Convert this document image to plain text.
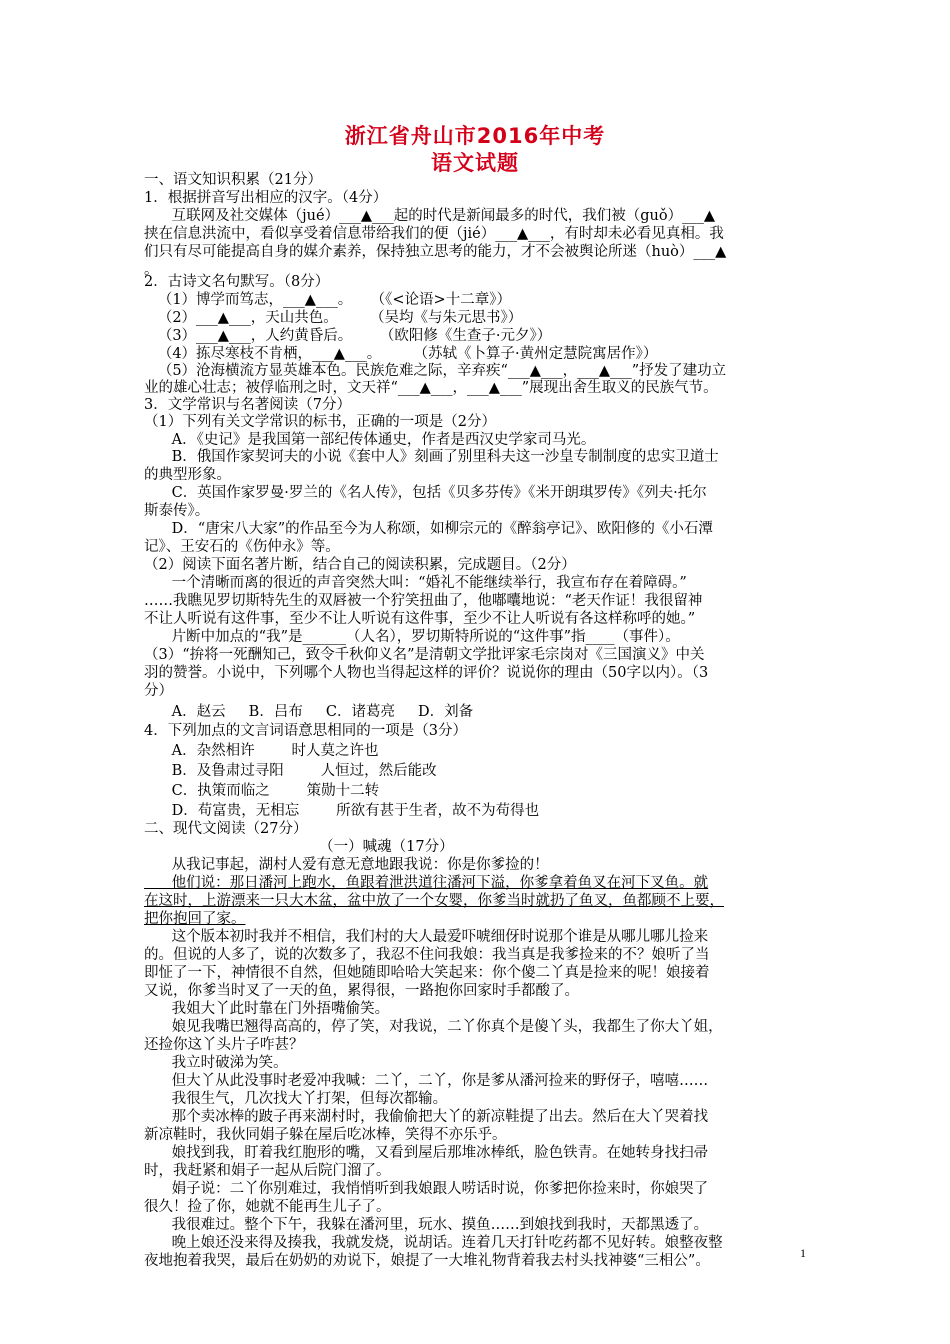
浙江省舟山市2016年中考
语文试题
一、语文知识积累（21分）
1．根据拼音写出相应的汉字。（4分）
互联网及社交媒体（jué）___▲___起的时代是新闻最多的时代，我们被（guǒ）___▲
挟在信息洪流中，看似享受着信息带给我们的便（jié）___▲___，有时却未必看见真相。我
们只有尽可能提高自身的媒介素养，保持独立思考的能力，才不会被舆论所迷（huò）___▲
。
2．古诗文名句默写。（8分）
（1）博学而笃志，___▲___。    （《<论语>十二章》）
（2）___▲___，天山共色。       （吴均《与朱元思书》）
（3）___▲___，人约黄昏后。      （欧阳修《生查子·元夕》）
（4）拣尽寒枝不肯栖，___▲___。       （苏轼《卜算子·黄州定慧院寓居作》）
（5）沧海横流方显英雄本色。民族危难之际，辛弃疾“___▲___，___▲___”抒发了建功立
业的雄心壮志；被俘临刑之时，文天祥“___▲___，___▲___”展现出舍生取义的民族气节。
3．文学常识与名著阅读（7分）
（1）下列有关文学常识的标书，正确的一项是（2分）
A．《史记》是我国第一部纪传体通史，作者是西汉史学家司马光。
B．俄国作家契诃夫的小说《套中人》刻画了别里科夫这一沙皇专制制度的忠实卫道士
的典型形象。
C．英国作家罗曼·罗兰的《名人传》，包括《贝多芬传》《米开朗琪罗传》《列夫·托尔
斯泰传》。
D．“唐宋八大家”的作品至今为人称颂，如柳宗元的《醉翁亭记》、欧阳修的《小石潭
记》、王安石的《伤仲永》等。
（2）阅读下面名著片断，结合自己的阅读积累，完成题目。（2分）
一个清晰而离的很近的声音突然大叫：“婚礼不能继续举行，我宣布存在着障碍。”
……我瞧见罗切斯特先生的双唇被一个狞笑扭曲了，他嘟囔地说：“老天作证！我很留神
不让人听说有这件事，至少不让人听说有这件事，至少不让人听说有各这样称呼的她。”
片断中加点的“我”是______（人名），罗切斯特所说的“这件事”指____（事件）。
（3）“拚将一死酬知己，致令千秋仰义名”是清朝文学批评家毛宗岗对《三国演义》中关
羽的赞誉。小说中，下列哪个人物也当得起这样的评价？说说你的理由（50字以内）。（3
分）
A．赵云     B．吕布     C．诸葛亮     D．刘备
4．下列加点的文言词语意思相同的一项是（3分）
A．杂然相许        时人莫之许也
B．及鲁肃过寻阳        人恒过，然后能改
C．执策而临之        策勋十二转
D．苟富贵，无相忘        所欲有甚于生者，故不为苟得也
二、现代文阅读（27分）
（一）喊魂（17分）
从我记事起，湖村人爱有意无意地跟我说：你是你爹捡的！
他们说：那日潘河上跑水，鱼跟着泄洪道往潘河下溢，你爹拿着鱼叉在河下叉鱼。就
在这时，上游漂来一只大木盆，盆中放了一个女婴，你爹当时就扔了鱼叉，鱼都顾不上要，
把你抱回了家。
这个版本初时我并不相信，我们村的大人最爱吓唬细伢时说那个谁是从哪儿哪儿捡来
的。但说的人多了，说的次数多了，我忍不住问我娘：我当真是我爹捡来的不？娘听了当
即怔了一下，神情很不自然，但她随即哈哈大笑起来：你个傻二丫真是捡来的呢！娘接着
又说，你爹当时叉了一天的鱼，累得很，一路抱你回家时手都酸了。
我姐大丫此时靠在门外捂嘴偷笑。
娘见我嘴巴翘得高高的，停了笑，对我说，二丫你真个是傻丫头，我都生了你大丫姐，
还捡你这丫头片子咋甚？
我立时破涕为笑。
但大丫从此没事时老爱冲我喊：二丫，二丫，你是爹从潘河捡来的野伢子，嘻嘻……
我很生气，几次找大丫打架，但每次都输。
那个卖冰棒的跛子再来湖村时，我偷偷把大丫的新凉鞋提了出去。然后在大丫哭着找
新凉鞋时，我伙同娟子躲在屋后吃冰棒，笑得不亦乐乎。
娘找到我，盯着我红胞形的嘴，又看到屋后那堆冰棒纸，脸色铁青。在她转身找扫帚
时，我赶紧和娟子一起从后院门溜了。
娟子说：二丫你别难过，我悄悄听到我娘跟人唠话时说，你爹把你捡来时，你娘哭了
很久！捡了你，她就不能再生儿子了。
我很难过。整个下午，我躲在潘河里，玩水、摸鱼……到娘找到我时，天都黑透了。
晚上娘还没来得及揍我，我就发烧，说胡话。连着几天打针吃药都不见好转。娘整夜整
夜地抱着我哭，最后在奶奶的劝说下，娘提了一大堆礼物背着我去村头找神婆“三相公”。	1
